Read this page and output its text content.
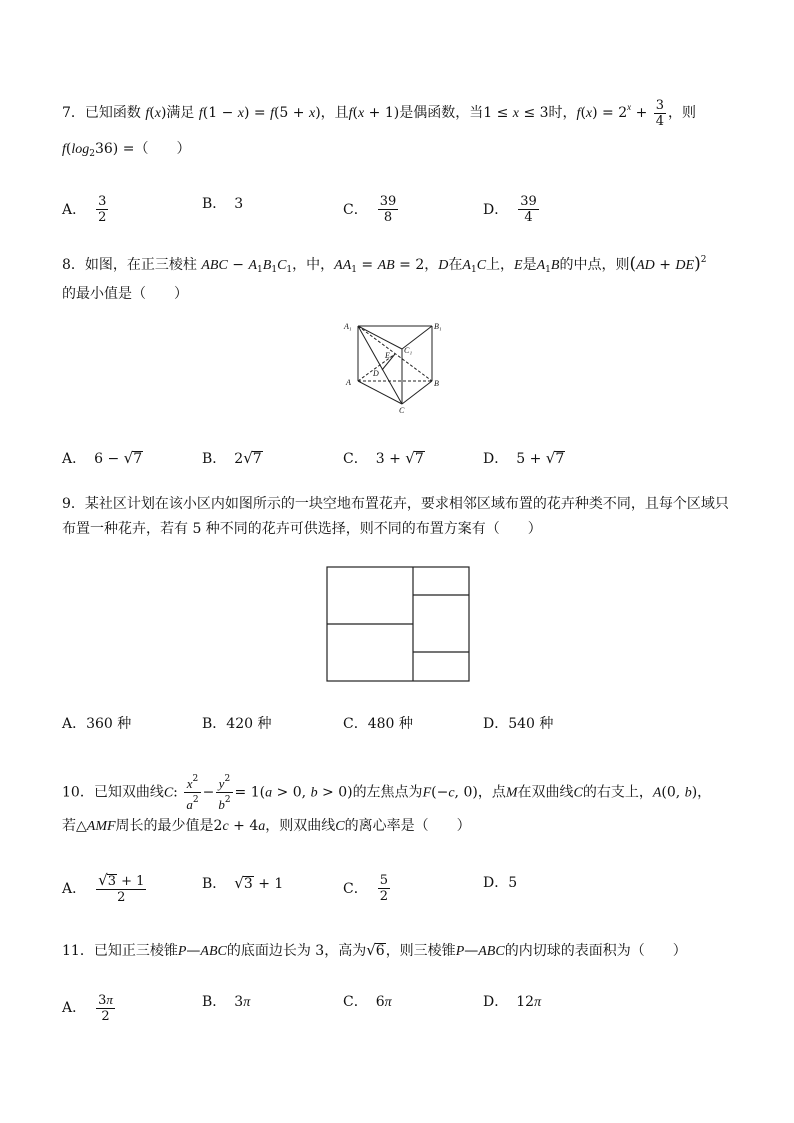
7．已知函数 f(x)满足 f(1 − x) = f(5 + x)，且f(x + 1)是偶函数，当1 ≤ x ≤ 3时，$f(x) = 2^x + \frac{3}{4}$ ，则
$f(\log_236)$ =（　　）
A． $\frac{3}{2}$	B． 3	C． $\frac{39}{8}$	D． $\frac{39}{4}$
8．如图，在正三棱柱 ABC − $A_1B_1C_1$，中，$AA_1$ = AB = 2，D在$A_1C$上，E是$A_1B$的中点，则(AD + DE)$^2$
的最小值是（　　）
A₁	B₁
C₁
A	B
C
D
E
A． 6 − √7	B． 2√7	C． 3 + √7	D． 5 + √7
9．某社区计划在该小区内如图所示的一块空地布置花卉，要求相邻区域布置的花卉种类不同，且每个区域只
布置一种花卉，若有 5 种不同的花卉可供选择，则不同的布置方案有（　　）
A．360 种	B．420 种	C．480 种	D．540 种
10．已知双曲线C: $\frac{x^2}{a^2} - \frac{y^2}{b^2} = 1(a > 0$, b > 0)的左焦点为F(−c, 0)，点M在双曲线C的右支上，A(0, b)，
若△AMF周长的最少值是2c + 4a，则双曲线C的离心率是（　　）
A． $\frac{√3 + 1}{2}$	B． √3 + 1	C． $\frac{5}{2}$	D．5
11．已知正三棱锥P—ABC的底面边长为 3，高为√6，则三棱锥P—ABC的内切球的表面积为（　　）
A． $\frac{3\pi}{2}$	B． 3π	C． 6π	D． 12π
